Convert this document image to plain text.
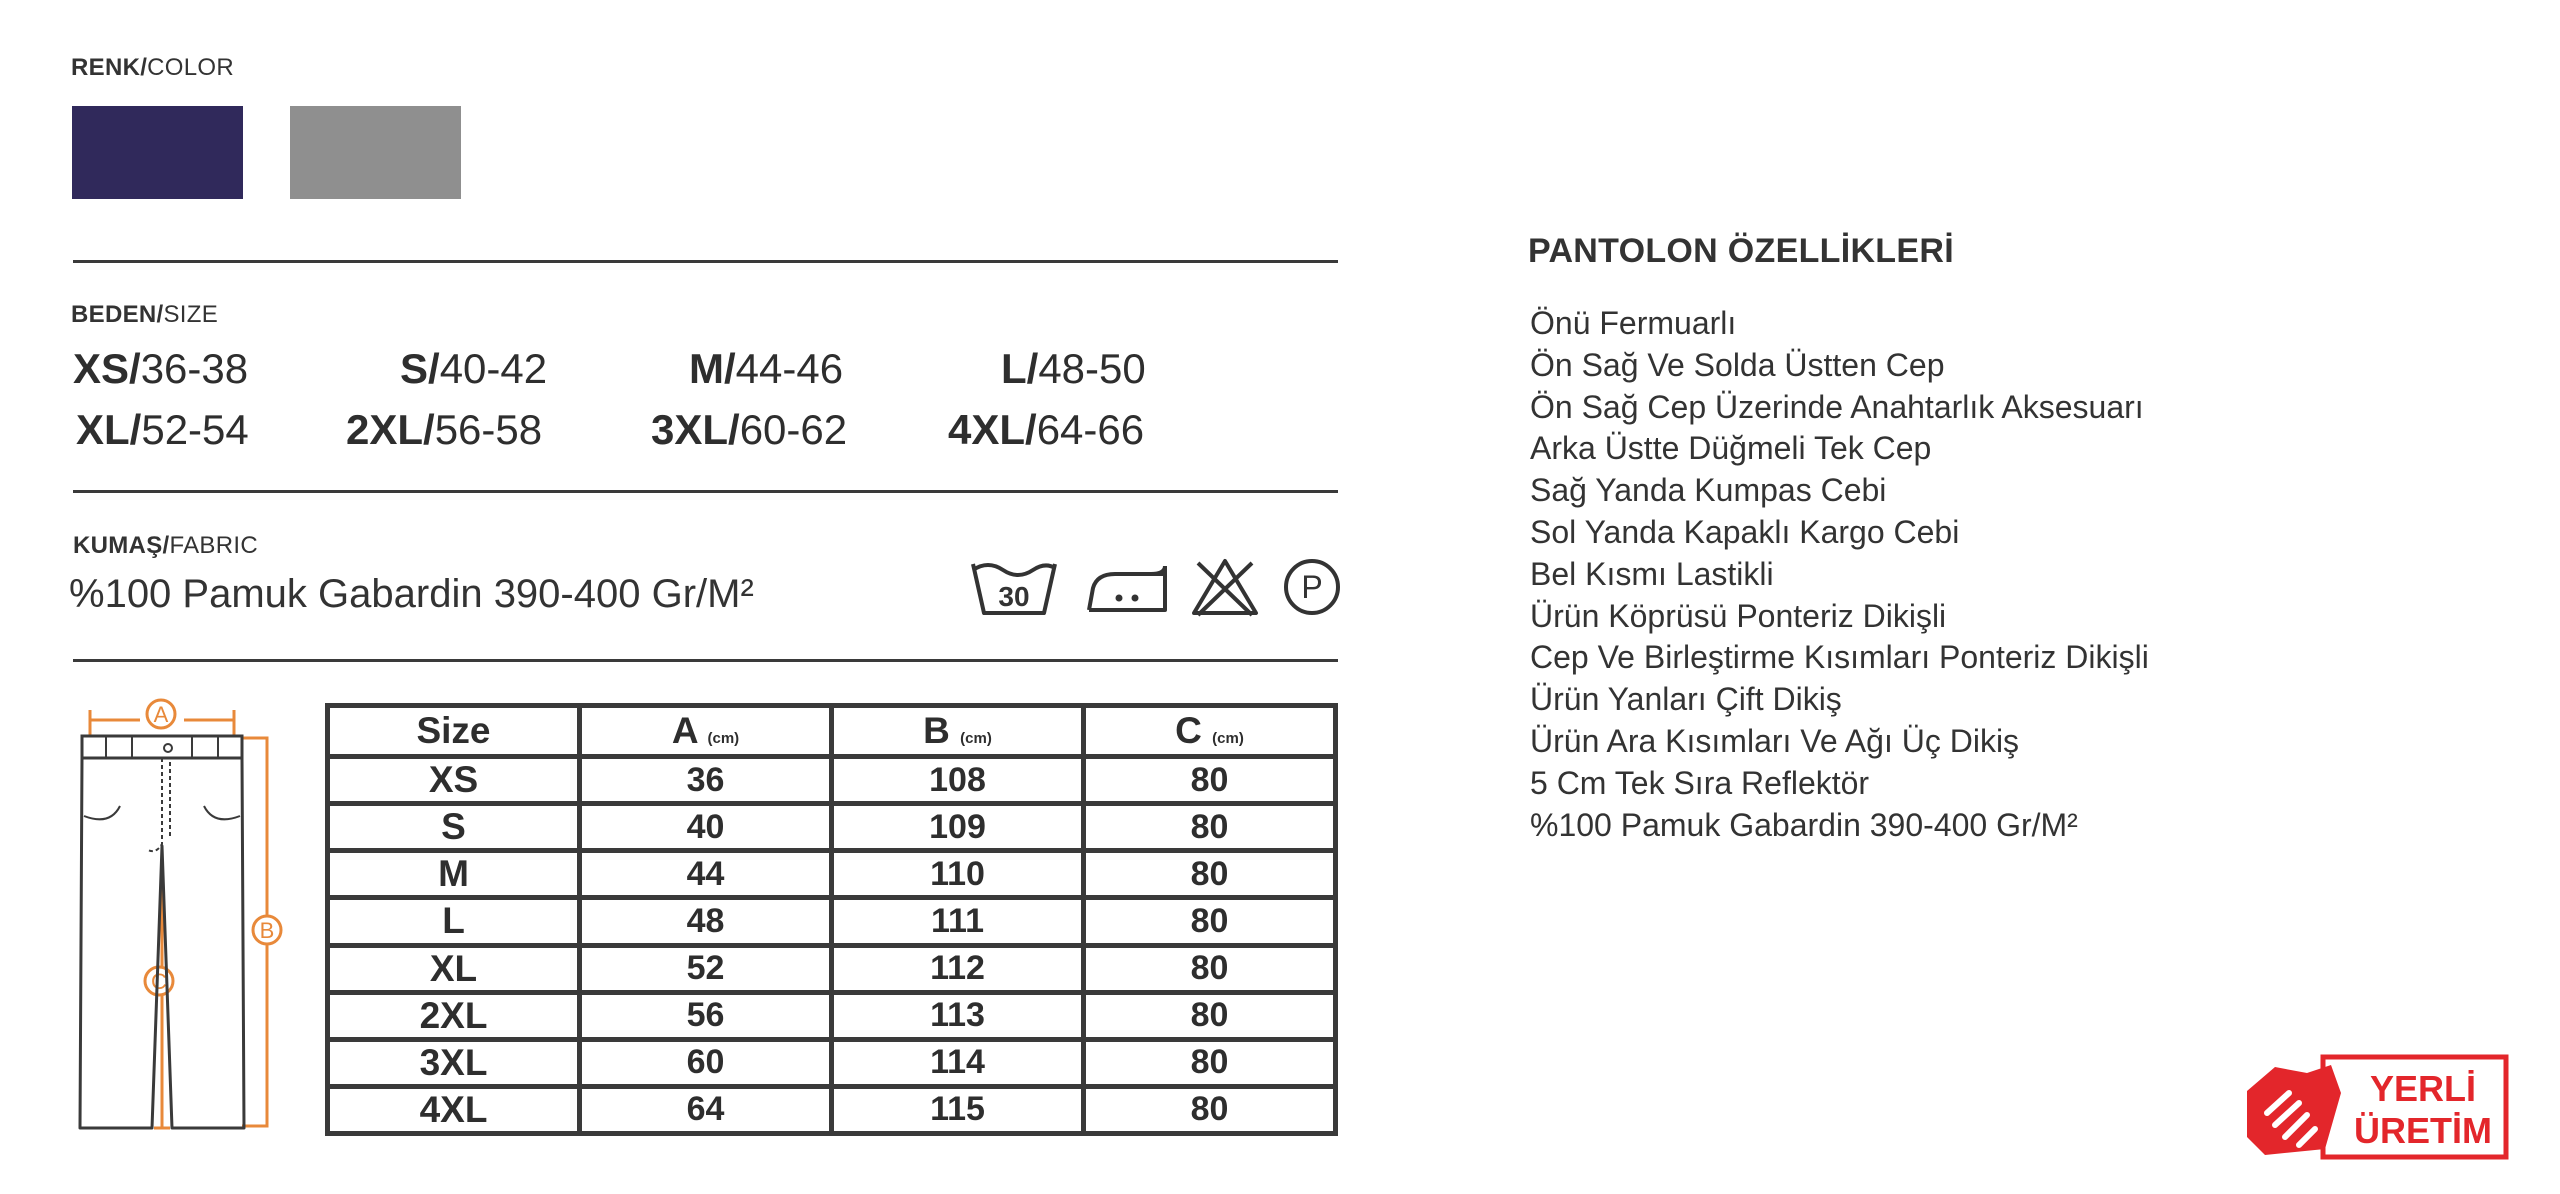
RENK/COLOR
BEDEN/SIZE
XS/36-38	S/40-42	M/44-46	L/48-50
XL/52-54 2XL/56-58	3XL/60-62 4XL/64-66
KUMAŞ/FABRIC
%100 Pamuk Gabardin 390-400 Gr/M²	30	P
A
B
C
Size	A (cm)	B (cm)	C (cm)
XS	36	108	80
S	40	109	80
M	44	110	80
L	48	111	80
XL	52	112	80
2XL	56	113	80
3XL	60	114	80
4XL	64	115	80
PANTOLON ÖZELLİKLERİ
Önü Fermuarlı
Ön Sağ Ve Solda Üstten Cep
Ön Sağ Cep Üzerinde Anahtarlık Aksesuarı
Arka Üstte Düğmeli Tek Cep
Sağ Yanda Kumpas Cebi
Sol Yanda Kapaklı Kargo Cebi
Bel Kısmı Lastikli
Ürün Köprüsü Ponteriz Dikişli
Cep Ve Birleştirme Kısımları Ponteriz Dikişli
Ürün Yanları Çift Dikiş
Ürün Ara Kısımları Ve Ağı Üç Dikiş
5 Cm Tek Sıra Reflektör
%100 Pamuk Gabardin 390-400 Gr/M²
YERLİ
ÜRETİM
